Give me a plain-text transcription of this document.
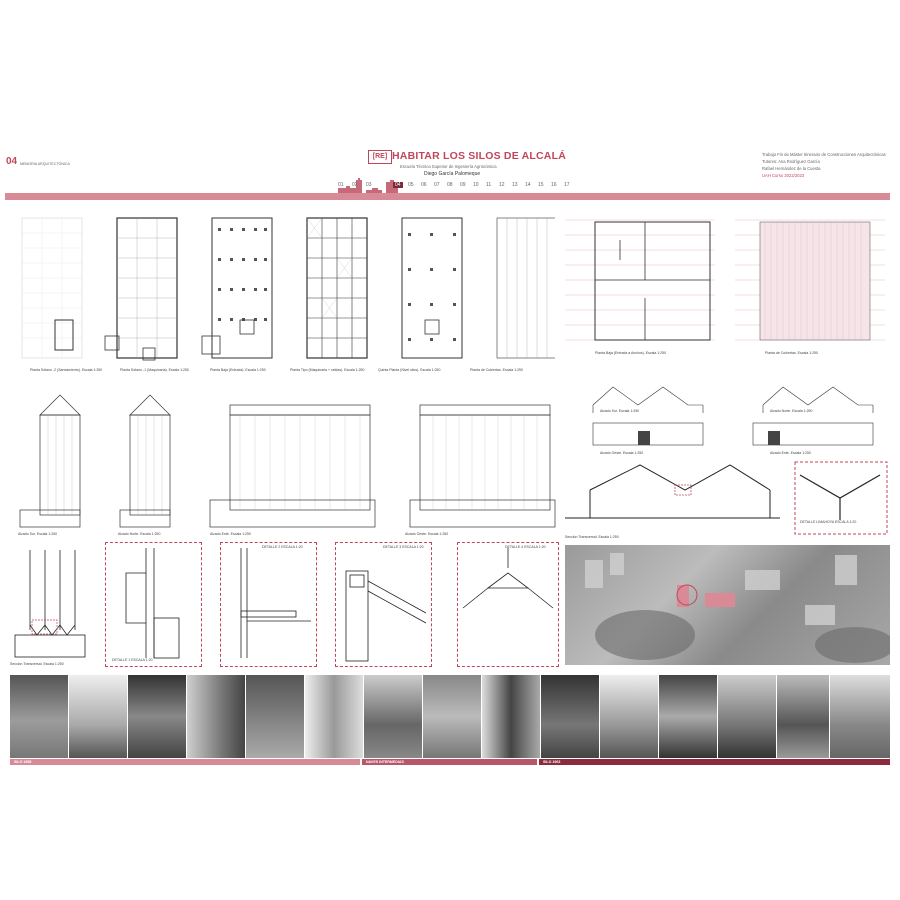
04 MEMORIA ARQUITECTÓNICA
[RE] HABITAR LOS SILOS DE ALCALÁ
Escuela Técnica Superior de Ingeniería Agronómica
Diego García Palomeque
Trabajo Fin de Máster Itinerario de Construcciones Arquitectónicas
Tutores: Ana Rodríguez García
Rafael Hernández de la Cuesta
UAH Curso 2022/2023
01 02 03	04	05 06 07 08 09 10 11 12 13 14 15 16 17
Planta Sótano -2 (Saneamiento). Escala 1:250	Planta Sótano -1 (Maquinaria). Escala 1:250	Planta Baja (Entrada). Escala 1:250	Planta Tipo (Maquinaria + celdas). Escala 1:250	Quinta Planta (Nivel silos). Escala 1:250	Planta de Cubiertas. Escala 1:250
Planta Baja (Entrada a Anchos). Escala 1:250	Planta de Cubiertas. Escala 1:250
Alzado Sur. Escala 1:250	Alzado Norte. Escala 1:250	Alzado Este. Escala 1:250	Alzado Oeste. Escala 1:250
Alzado Sur. Escala 1:250	Alzado Norte. Escala 1:250
Alzado Oeste. Escala 1:250	Alzado Este. Escala 1:250
Sección Transversal. Escala 1:250
DETALLE LIMAHOYA ESCALA 1:20
Sección Transversal. Escala 1:250
DETALLE 1 ESCALA 1:20
DETALLE 2 ESCALA 1:20	DETALLE 3 ESCALA 1:20	DETALLE 4 ESCALA 1:20
SILO 1958	NAVES INTERMEDIAS	SILO 1963
